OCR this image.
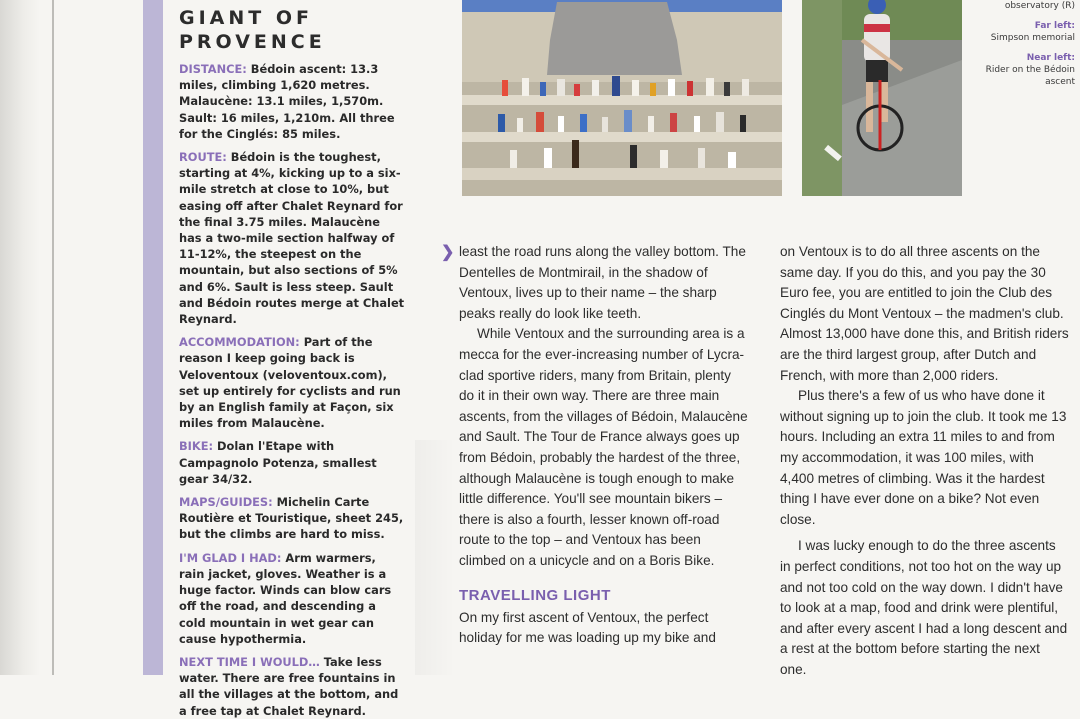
GIANT OF
PROVENCE
DISTANCE: Bédoin ascent: 13.3 miles, climbing 1,620 metres. Malaucène: 13.1 miles, 1,570m. Sault: 16 miles, 1,210m. All three for the Cinglés: 85 miles.
ROUTE: Bédoin is the toughest, starting at 4%, kicking up to a six-mile stretch at close to 10%, but easing off after Chalet Reynard for the final 3.75 miles. Malaucène has a two-mile section halfway of 11-12%, the steepest on the mountain, but also sections of 5% and 6%. Sault is less steep. Sault and Bédoin routes merge at Chalet Reynard.
ACCOMMODATION: Part of the reason I keep going back is Veloventoux (veloventoux.com), set up entirely for cyclists and run by an English family at Façon, six miles from Malaucène.
BIKE: Dolan l'Etape with Campagnolo Potenza, smallest gear 34/32.
MAPS/GUIDES: Michelin Carte Routière et Touristique, sheet 245, but the climbs are hard to miss.
I'M GLAD I HAD: Arm warmers, rain jacket, gloves. Weather is a huge factor. Winds can blow cars off the road, and descending a cold mountain in wet gear can cause hypothermia.
NEXT TIME I WOULD… Take less water. There are free fountains in all the villages at the bottom, and a free tap at Chalet Reynard.
observatory (R)
Far left:
Simpson memorial
Near left:
Rider on the Bédoin ascent
❯ least the road runs along the valley bottom. The Dentelles de Montmirail, in the shadow of Ventoux, lives up to their name – the sharp peaks really do look like teeth.

While Ventoux and the surrounding area is a mecca for the ever-increasing number of Lycra-clad sportive riders, many from Britain, plenty do it in their own way. There are three main ascents, from the villages of Bédoin, Malaucène and Sault. The Tour de France always goes up from Bédoin, probably the hardest of the three, although Malaucène is tough enough to make little difference. You'll see mountain bikers – there is also a fourth, lesser known off-road route to the top – and Ventoux has been climbed on a unicycle and on a Boris Bike.

TRAVELLING LIGHT

On my first ascent of Ventoux, the perfect holiday for me was loading up my bike and

on Ventoux is to do all three ascents on the same day. If you do this, and you pay the 30 Euro fee, you are entitled to join the Club des Cinglés du Mont Ventoux – the madmen's club. Almost 13,000 have done this, and British riders are the third largest group, after Dutch and French, with more than 2,000 riders.

Plus there's a few of us who have done it without signing up to join the club. It took me 13 hours. Including an extra 11 miles to and from my accommodation, it was 100 miles, with 4,400 metres of climbing. Was it the hardest thing I have ever done on a bike? Not even close.

I was lucky enough to do the three ascents in perfect conditions, not too hot on the way up and not too cold on the way down. I didn't have to look at a map, food and drink were plentiful, and after every ascent I had a long descent and a rest at the bottom before starting the next one.
